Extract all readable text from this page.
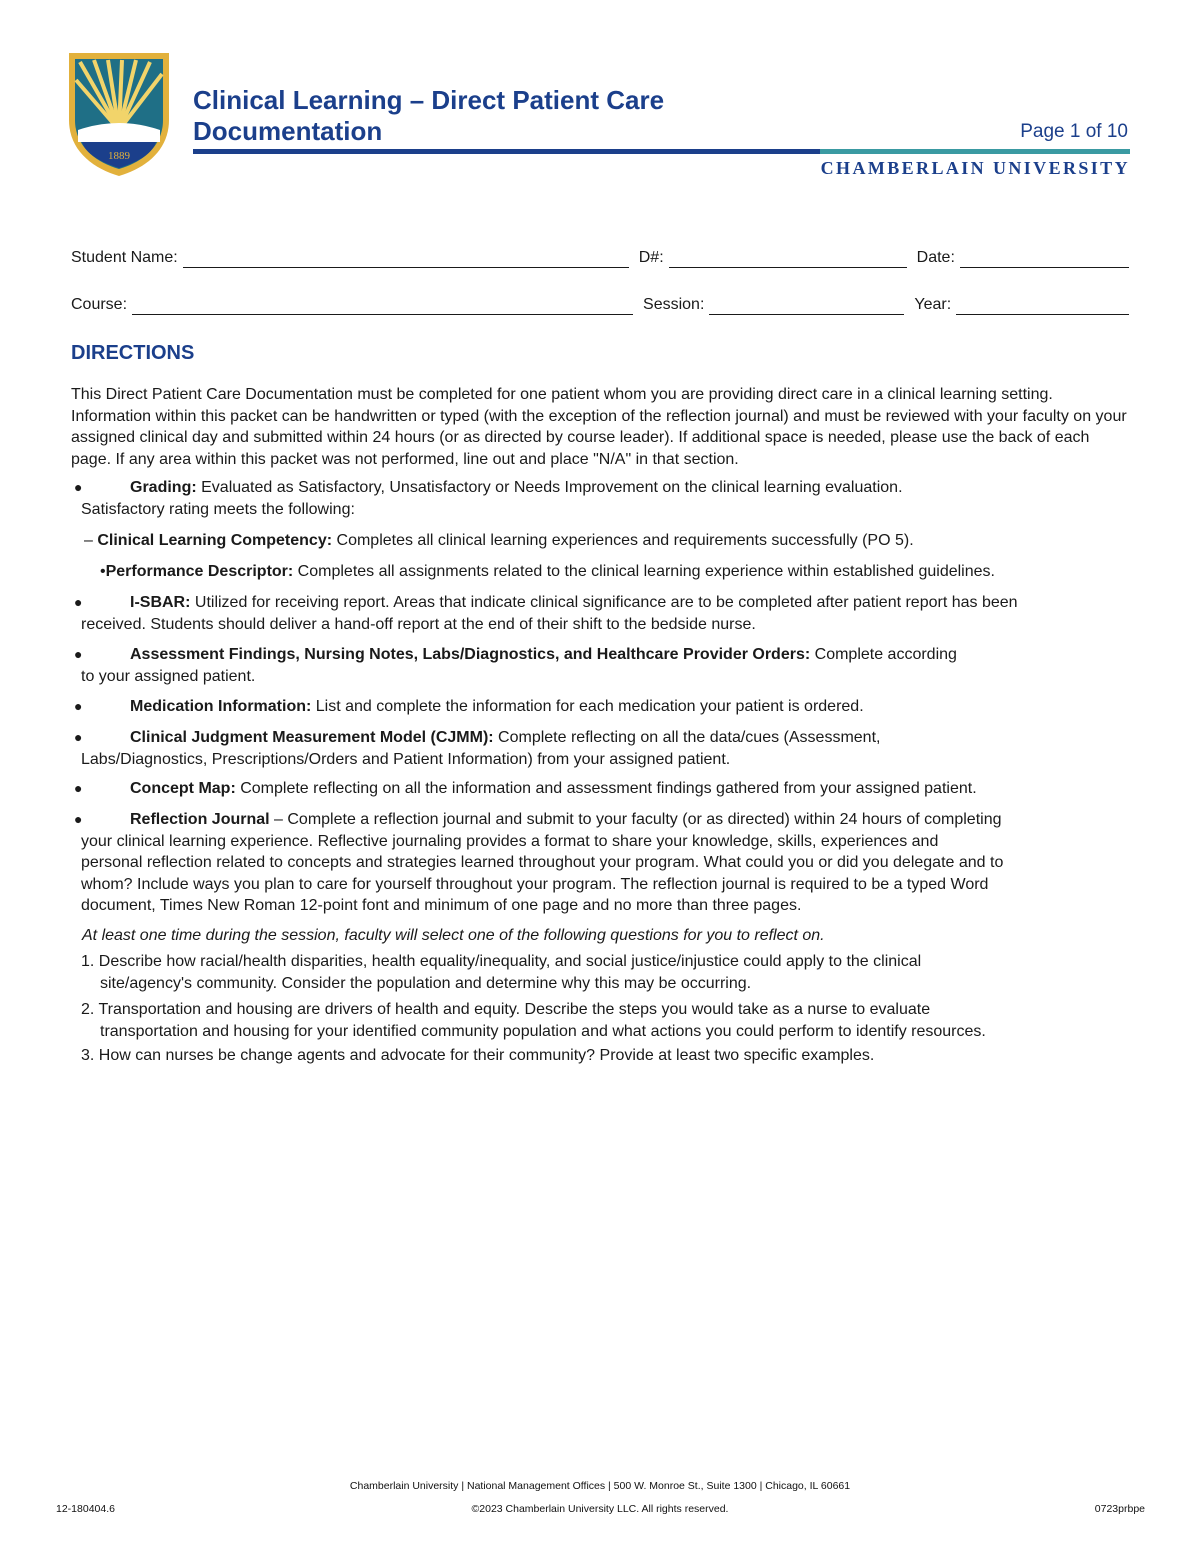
1889
Clinical Learning – Direct Patient Care
Documentation	Page 1 of 10
CHAMBERLAIN UNIVERSITY
Student Name:	D#:	Date:
Course:	Session:	Year:
DIRECTIONS
This Direct Patient Care Documentation must be completed for one patient whom you are providing direct care in a clinical learning setting. Information within this packet can be handwritten or typed (with the exception of the reflection journal) and must be reviewed with your faculty on your assigned clinical day and submitted within 24 hours (or as directed by course leader). If additional space is needed, please use the back of each page. If any area within this packet was not performed, line out and place "N/A" in that section.
●	Grading: Evaluated as Satisfactory, Unsatisfactory or Needs Improvement on the clinical learning evaluation.
Satisfactory rating meets the following:
– Clinical Learning Competency: Completes all clinical learning experiences and requirements successfully (PO 5).
•Performance Descriptor: Completes all assignments related to the clinical learning experience within established guidelines.
●	I-SBAR: Utilized for receiving report. Areas that indicate clinical significance are to be completed after patient report has been
received. Students should deliver a hand-off report at the end of their shift to the bedside nurse.
●	Assessment Findings, Nursing Notes, Labs/Diagnostics, and Healthcare Provider Orders: Complete according
to your assigned patient.
●	Medication Information: List and complete the information for each medication your patient is ordered.
●	Clinical Judgment Measurement Model (CJMM): Complete reflecting on all the data/cues (Assessment,
Labs/Diagnostics, Prescriptions/Orders and Patient Information) from your assigned patient.
●	Concept Map: Complete reflecting on all the information and assessment findings gathered from your assigned patient.
●	Reflection Journal – Complete a reflection journal and submit to your faculty (or as directed) within 24 hours of completing
your clinical learning experience. Reflective journaling provides a format to share your knowledge, skills, experiences and
personal reflection related to concepts and strategies learned throughout your program. What could you or did you delegate and to
whom? Include ways you plan to care for yourself throughout your program. The reflection journal is required to be a typed Word
document, Times New Roman 12-point font and minimum of one page and no more than three pages.
At least one time during the session, faculty will select one of the following questions for you to reflect on.
1. Describe how racial/health disparities, health equality/inequality, and social justice/injustice could apply to the clinical
site/agency's community. Consider the population and determine why this may be occurring.
2. Transportation and housing are drivers of health and equity. Describe the steps you would take as a nurse to evaluate
transportation and housing for your identified community population and what actions you could perform to identify resources.
3. How can nurses be change agents and advocate for their community? Provide at least two specific examples.
Chamberlain University | National Management Offices | 500 W. Monroe St., Suite 1300 | Chicago, IL 60661
©2023 Chamberlain University LLC. All rights reserved.
12-180404.6	0723prbpe
